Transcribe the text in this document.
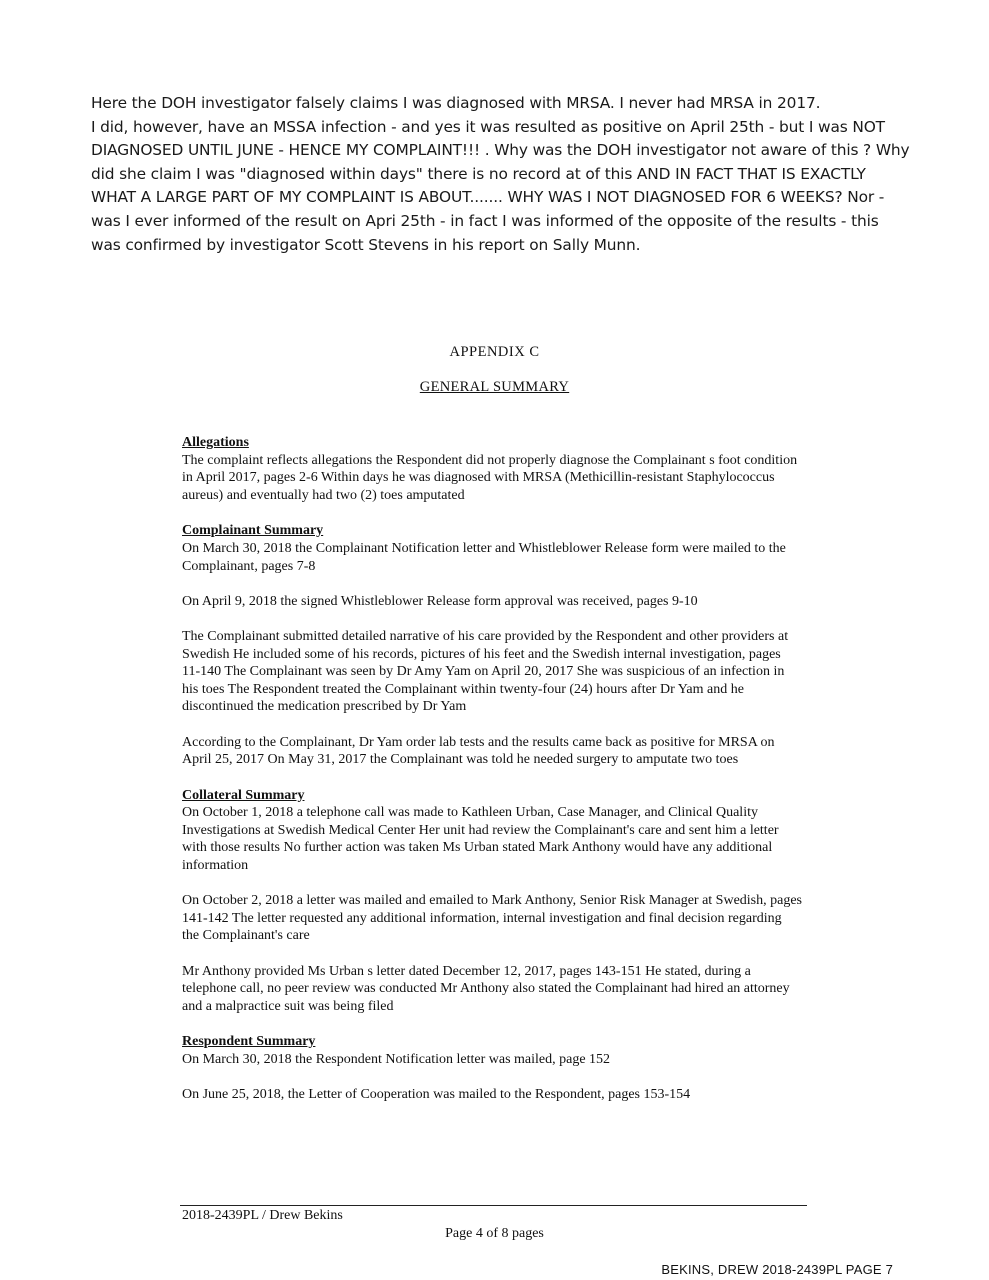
Here the DOH investigator falsely claims I was diagnosed with MRSA. I never had MRSA in 2017.

I did, however, have an MSSA infection - and yes it was resulted as positive on April 25th - but I was NOT DIAGNOSED UNTIL JUNE - HENCE MY COMPLAINT!!! . Why was the DOH investigator not aware of this ? Why did she claim I was "diagnosed within days" there is no record at of this AND IN FACT THAT IS EXACTLY WHAT A LARGE PART OF MY COMPLAINT IS ABOUT....... WHY WAS I NOT DIAGNOSED FOR 6 WEEKS? Nor - was I ever informed of the result on Apri 25th - in fact I was informed of the opposite of the results - this was confirmed by investigator Scott Stevens in his report on Sally Munn.

APPENDIX C
GENERAL SUMMARY
Allegations

The complaint reflects allegations the Respondent did not properly diagnose the Complainant s foot condition in April 2017, pages 2-6 Within days he was diagnosed with MRSA (Methicillin-resistant Staphylococcus aureus) and eventually had two (2) toes amputated

Complainant Summary

On March 30, 2018 the Complainant Notification letter and Whistleblower Release form were mailed to the Complainant, pages 7-8

On April 9, 2018 the signed Whistleblower Release form approval was received, pages 9-10

The Complainant submitted detailed narrative of his care provided by the Respondent and other providers at Swedish He included some of his records, pictures of his feet and the Swedish internal investigation, pages 11-140 The Complainant was seen by Dr Amy Yam on April 20, 2017 She was suspicious of an infection in his toes The Respondent treated the Complainant within twenty-four (24) hours after Dr Yam and he discontinued the medication prescribed by Dr Yam

According to the Complainant, Dr Yam order lab tests and the results came back as positive for MRSA on April 25, 2017 On May 31, 2017 the Complainant was told he needed surgery to amputate two toes

Collateral Summary

On October 1, 2018 a telephone call was made to Kathleen Urban, Case Manager, and Clinical Quality Investigations at Swedish Medical Center Her unit had review the Complainant's care and sent him a letter with those results No further action was taken Ms Urban stated Mark Anthony would have any additional information

On October 2, 2018 a letter was mailed and emailed to Mark Anthony, Senior Risk Manager at Swedish, pages 141-142 The letter requested any additional information, internal investigation and final decision regarding the Complainant's care

Mr Anthony provided Ms Urban s letter dated December 12, 2017, pages 143-151 He stated, during a telephone call, no peer review was conducted Mr Anthony also stated the Complainant had hired an attorney and a malpractice suit was being filed

Respondent Summary

On March 30, 2018 the Respondent Notification letter was mailed, page 152

On June 25, 2018, the Letter of Cooperation was mailed to the Respondent, pages 153-154

2018-2439PL / Drew Bekins
Page 4 of 8 pages
BEKINS, DREW 2018-2439PL PAGE 7
